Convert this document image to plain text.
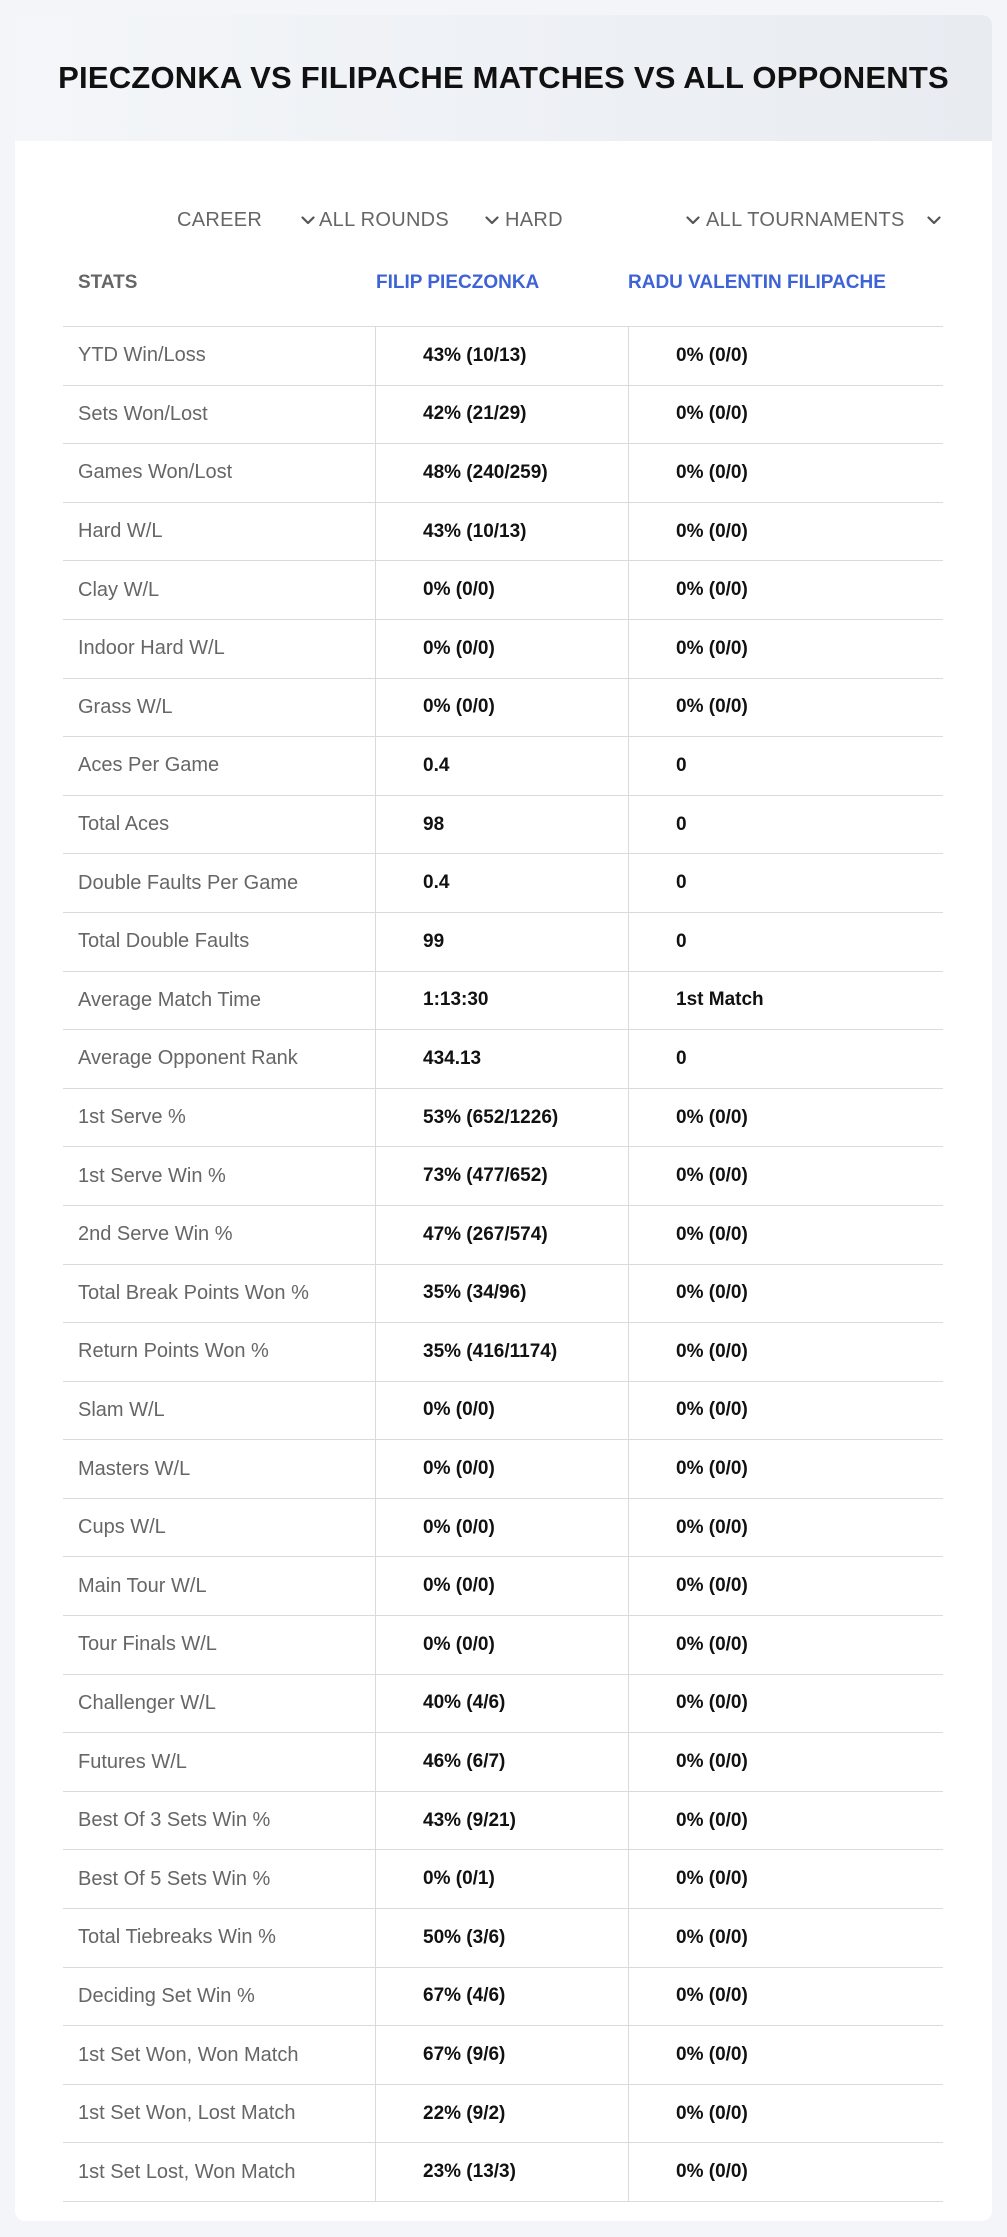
PIECZONKA VS FILIPACHE MATCHES VS ALL OPPONENTS
CAREER	ALL ROUNDS	HARD	ALL TOURNAMENTS
STATS	FILIP PIECZONKA	RADU VALENTIN FILIPACHE
YTD Win/Loss	43% (10/13)	0% (0/0)
Sets Won/Lost	42% (21/29)	0% (0/0)
Games Won/Lost	48% (240/259)	0% (0/0)
Hard W/L	43% (10/13)	0% (0/0)
Clay W/L	0% (0/0)	0% (0/0)
Indoor Hard W/L	0% (0/0)	0% (0/0)
Grass W/L	0% (0/0)	0% (0/0)
Aces Per Game	0.4	0
Total Aces	98	0
Double Faults Per Game	0.4	0
Total Double Faults	99	0
Average Match Time	1:13:30	1st Match
Average Opponent Rank	434.13	0
1st Serve %	53% (652/1226)	0% (0/0)
1st Serve Win %	73% (477/652)	0% (0/0)
2nd Serve Win %	47% (267/574)	0% (0/0)
Total Break Points Won %	35% (34/96)	0% (0/0)
Return Points Won %	35% (416/1174)	0% (0/0)
Slam W/L	0% (0/0)	0% (0/0)
Masters W/L	0% (0/0)	0% (0/0)
Cups W/L	0% (0/0)	0% (0/0)
Main Tour W/L	0% (0/0)	0% (0/0)
Tour Finals W/L	0% (0/0)	0% (0/0)
Challenger W/L	40% (4/6)	0% (0/0)
Futures W/L	46% (6/7)	0% (0/0)
Best Of 3 Sets Win %	43% (9/21)	0% (0/0)
Best Of 5 Sets Win %	0% (0/1)	0% (0/0)
Total Tiebreaks Win %	50% (3/6)	0% (0/0)
Deciding Set Win %	67% (4/6)	0% (0/0)
1st Set Won, Won Match	67% (9/6)	0% (0/0)
1st Set Won, Lost Match	22% (9/2)	0% (0/0)
1st Set Lost, Won Match	23% (13/3)	0% (0/0)
